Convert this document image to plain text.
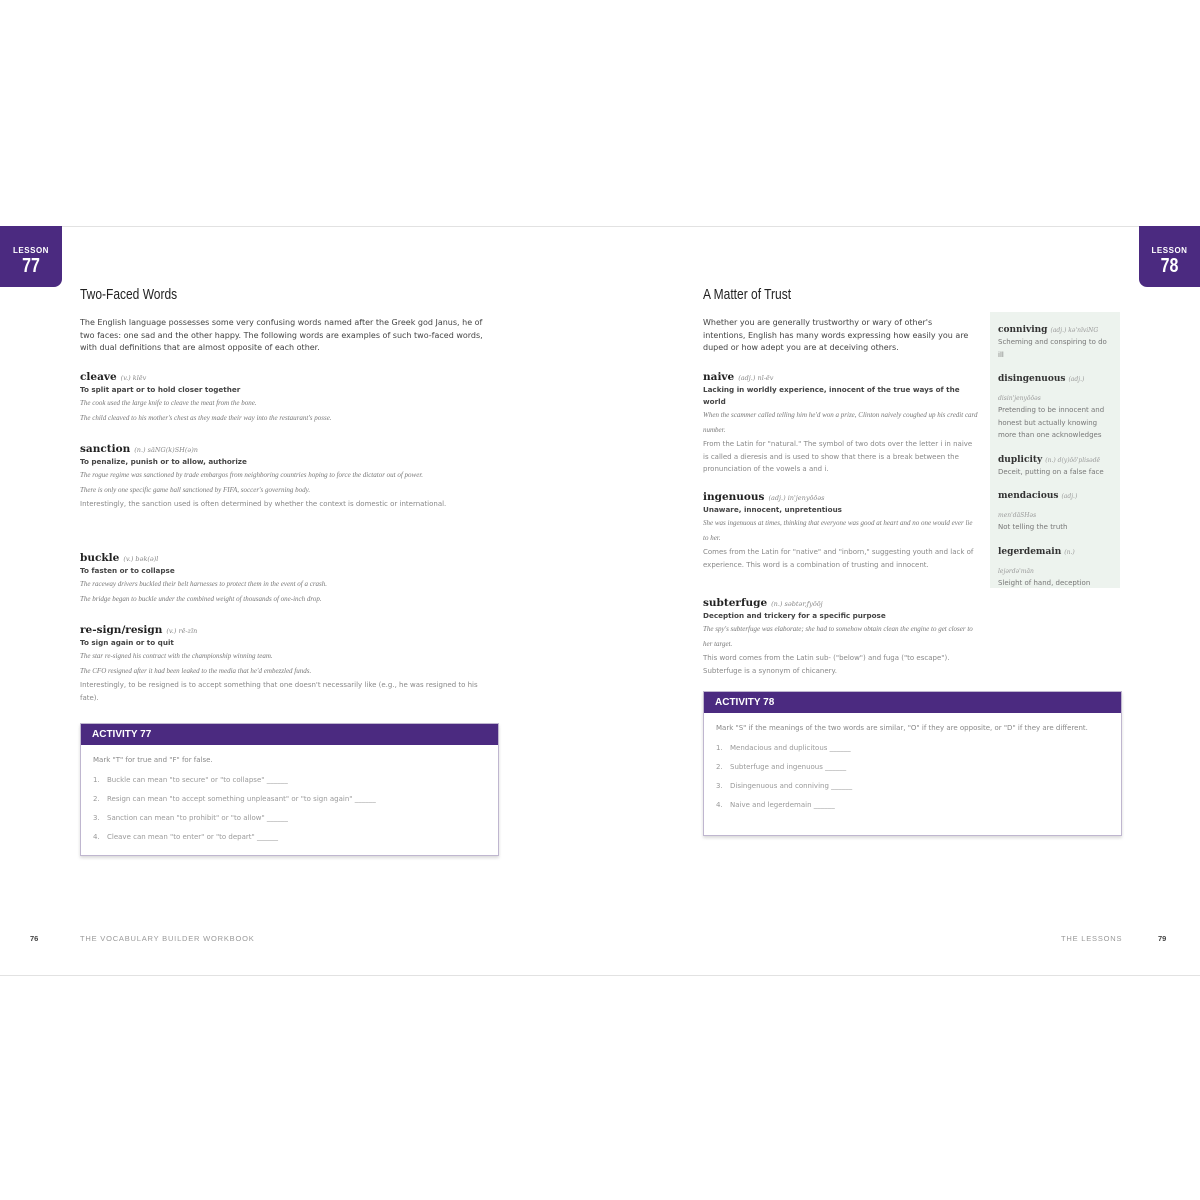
LESSON
77
Two-Faced Words
The English language possesses some very confusing words named after the Greek god Janus, he of two faces: one sad and the other happy. The following words are examples of such two-faced words, with dual definitions that are almost opposite of each other.
cleave (v.) klēv
To split apart or to hold closer together
The cook used the large knife to cleave the meat from the bone.
The child cleaved to his mother's chest as they made their way into the restaurant's posse.
sanction (n.) sāNG(k)SH(ə)n
To penalize, punish or to allow, authorize
The rogue regime was sanctioned by trade embargos from neighboring countries hoping to force the dictator out of power.
There is only one specific game ball sanctioned by FIFA, soccer's governing body.
Interestingly, the sanction used is often determined by whether the context is domestic or international.
buckle (v.) bək(ə)l
To fasten or to collapse
The raceway drivers buckled their belt harnesses to protect them in the event of a crash.
The bridge began to buckle under the combined weight of thousands of one-inch drop.
re-sign/resign (v.) rē-zīn
To sign again or to quit
The star re-signed his contract with the championship winning team.
The CFO resigned after it had been leaked to the media that he'd embezzled funds.
Interestingly, to be resigned is to accept something that one doesn't necessarily like (e.g., he was resigned to his fate).
ACTIVITY 77
Mark "T" for true and "F" for false.
1. Buckle can mean "to secure" or "to collapse" ______
2. Resign can mean "to accept something unpleasant" or "to sign again" ______
3. Sanction can mean "to prohibit" or "to allow" ______
4. Cleave can mean "to enter" or "to depart" ______
76	THE VOCABULARY BUILDER WORKBOOK
LESSON
78
A Matter of Trust
Whether you are generally trustworthy or wary of other's intentions, English has many words expressing how easily you are duped or how adept you are at deceiving others.
naive (adj.) nī-ēv
Lacking in worldly experience, innocent of the true ways of the world
When the scammer called telling him he'd won a prize, Clinton naively coughed up his credit card number.
From the Latin for "natural." The symbol of two dots over the letter i in naive is called a dieresis and is used to show that there is a break between the pronunciation of the vowels a and i.
ingenuous (adj.) in'jenyōōəs
Unaware, innocent, unpretentious
She was ingenuous at times, thinking that everyone was good at heart and no one would ever lie to her.
Comes from the Latin for "native" and "inborn," suggesting youth and lack of experience. This word is a combination of trusting and innocent.
subterfuge (n.) səbtər,fyōōj
Deception and trickery for a specific purpose
The spy's subterfuge was elaborate; she had to somehow obtain clean the engine to get closer to her target.
This word comes from the Latin sub- ("below") and fuga ("to escape"). Subterfuge is a synonym of chicanery.
conniving (adj.) kə'nīviNG
Scheming and conspiring to do ill
disingenuous (adj.) disin'jenyōōəs
Pretending to be innocent and honest but actually knowing more than one acknowledges
duplicity (n.) d(y)ōō'plisədē
Deceit, putting on a false face
mendacious (adj.) men'dāSHəs
Not telling the truth
legerdemain (n.) lejərdə'mān
Sleight of hand, deception
ACTIVITY 78
Mark "S" if the meanings of the two words are similar, "O" if they are opposite, or "D" if they are different.
1. Mendacious and duplicitous ______
2. Subterfuge and ingenuous ______
3. Disingenuous and conniving ______
4. Naive and legerdemain ______
THE LESSONS	79
